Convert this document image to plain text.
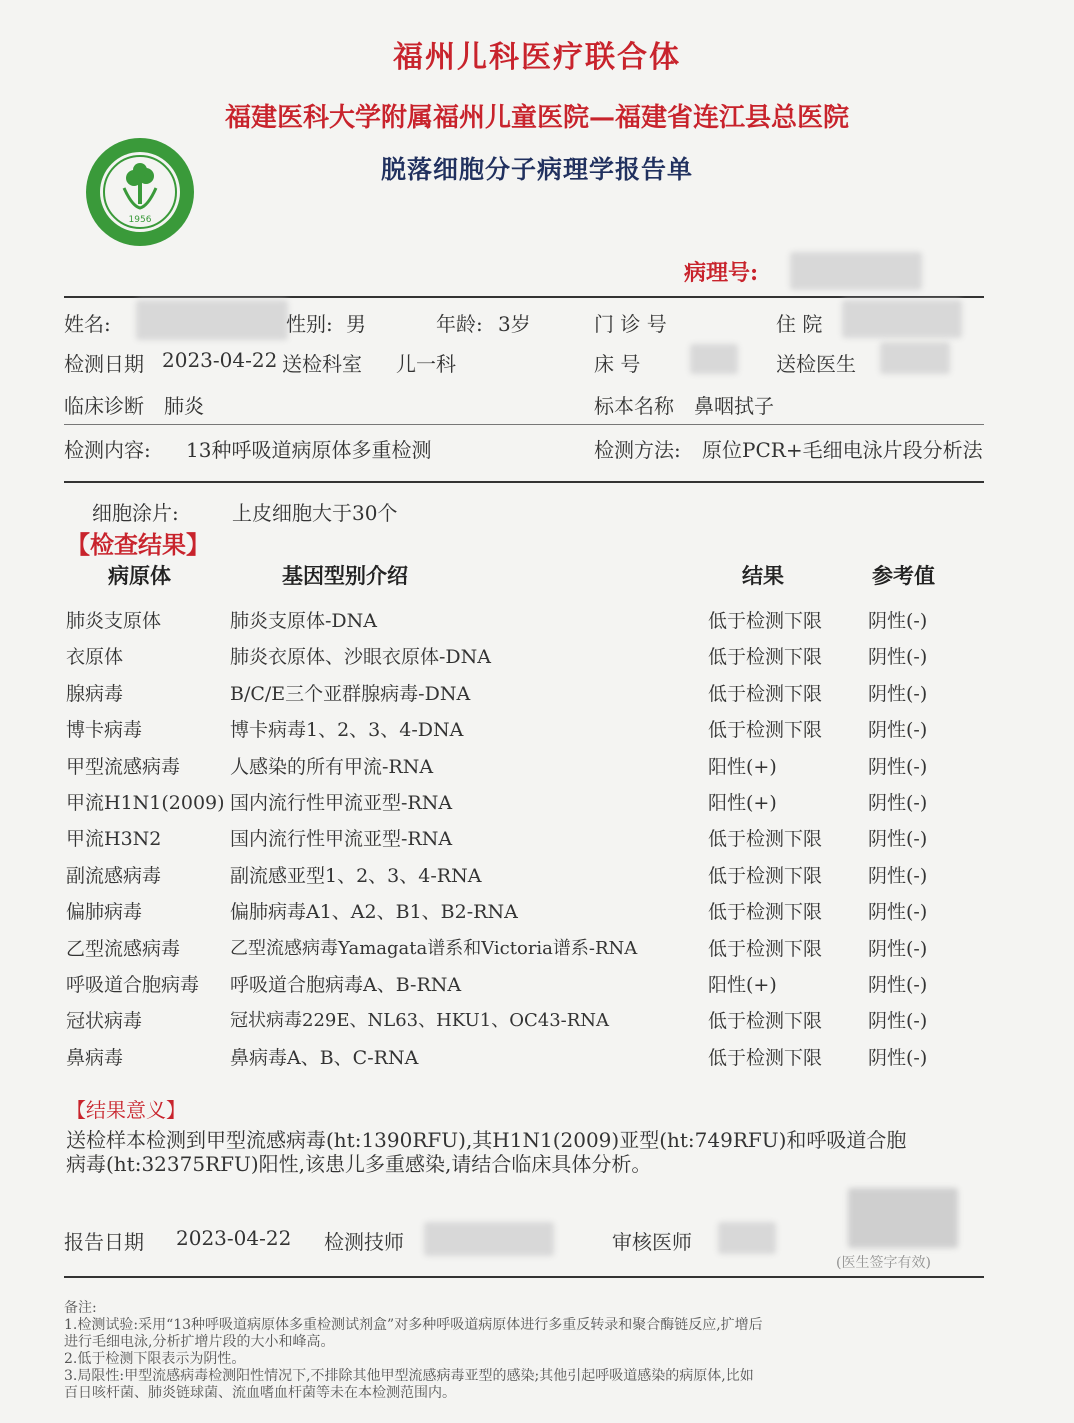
福州儿科医疗联合体
福建医科大学附属福州儿童医院—福建省连江县总医院
脱落细胞分子病理学报告单
1956
病理号:
姓名:	性别: 男	年龄: 3岁	门 诊 号	住 院
检测日期 2023-04-22 送检科室 儿一科	床 号	送检医生
临床诊断 肺炎	标本名称 鼻咽拭子
检测内容: 13种呼吸道病原体多重检测	检测方法: 原位PCR+毛细电泳片段分析法
细胞涂片:	上皮细胞大于30个
【检查结果】
病原体	基因型别介绍	结果	参考值
肺炎支原体	肺炎支原体-DNA	低于检测下限 阴性(-)
衣原体	肺炎衣原体、沙眼衣原体-DNA	低于检测下限 阴性(-)
腺病毒	B/C/E三个亚群腺病毒-DNA	低于检测下限 阴性(-)
博卡病毒	博卡病毒1、2、3、4-DNA	低于检测下限 阴性(-)
甲型流感病毒	人感染的所有甲流-RNA	阳性(+)	阴性(-)
甲流H1N1(2009) 国内流行性甲流亚型-RNA	阳性(+)	阴性(-)
甲流H3N2	国内流行性甲流亚型-RNA	低于检测下限 阴性(-)
副流感病毒	副流感亚型1、2、3、4-RNA	低于检测下限 阴性(-)
偏肺病毒	偏肺病毒A1、A2、B1、B2-RNA	低于检测下限 阴性(-)
乙型流感病毒	乙型流感病毒Yamagata谱系和Victoria谱系-RNA	低于检测下限 阴性(-)
呼吸道合胞病毒 呼吸道合胞病毒A、B-RNA	阳性(+)	阴性(-)
冠状病毒	冠状病毒229E、NL63、HKU1、OC43-RNA	低于检测下限 阴性(-)
鼻病毒	鼻病毒A、B、C-RNA	低于检测下限 阴性(-)
【结果意义】
送检样本检测到甲型流感病毒(ht:1390RFU),其H1N1(2009)亚型(ht:749RFU)和呼吸道合胞
病毒(ht:32375RFU)阳性,该患儿多重感染,请结合临床具体分析。
报告日期 2023-04-22 检测技师	审核医师
(医生签字有效)
备注:
1.检测试验:采用“13种呼吸道病原体多重检测试剂盒”对多种呼吸道病原体进行多重反转录和聚合酶链反应,扩增后
进行毛细电泳,分析扩增片段的大小和峰高。
2.低于检测下限表示为阴性。
3.局限性:甲型流感病毒检测阳性情况下,不排除其他甲型流感病毒亚型的感染;其他引起呼吸道感染的病原体,比如
百日咳杆菌、肺炎链球菌、流血嗜血杆菌等未在本检测范围内。
